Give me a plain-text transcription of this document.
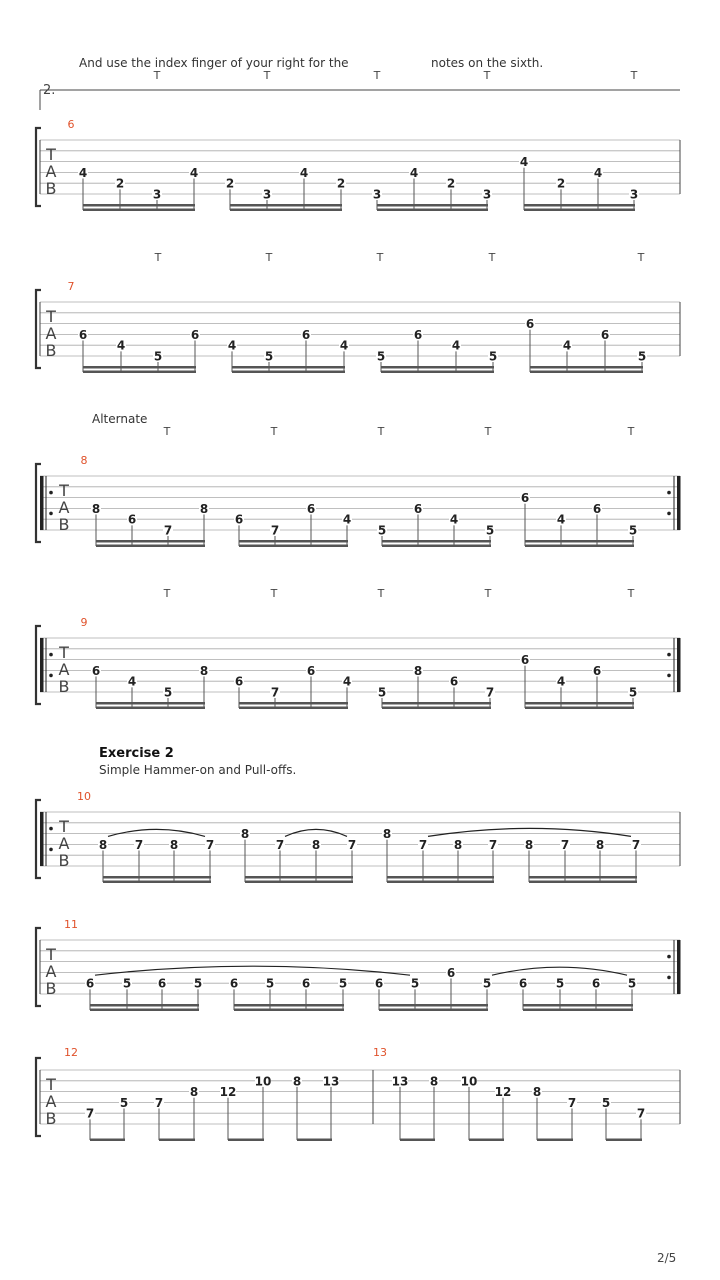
And use the index finger of your right for the	notes on the sixth.
Alternate
Exercise 2
Simple Hammer-on and Pull-offs.
2/5
2.
T
A
B
6
T	T	T	T	T
4
2
3
4
2
3
4
2
3
4
2
3
4
2
4
3
T
A
B
7
T	T	T	T	T
6
4
5
6
4
5
6
4
5
6
4
5
6
4
6
5
T
A
B
8
T	T	T	T	T
8
6
7
8
6
7
6
4
5
6
4
5
6
4
6
5
T
A
B
9
T	T	T	T	T
6
4
5
8
6
7
6
4
5
8
6
7
6
4
6
5
T
A
B
10
8 7 8 7
8
7 8 7
8
7 8 7 8 7 8 7
T
A
B
11
6 5 6 5 6 5 6 5 6 5
6
5 6 5 6 5
T
A
B
13
12
7
5 7
8 12
10 8 13	13 8 10
12 8
7 5
7
